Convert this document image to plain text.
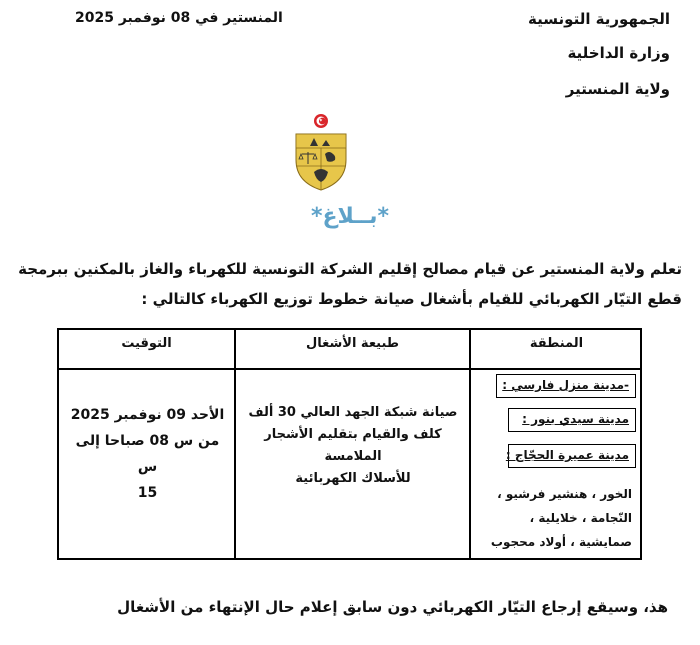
الجمهورية التونسية
وزارة الداخلية
ولاية المنستير
المنستير في 08 نوفمبر 2025
*بــلاغ*
تعلم ولاية المنستير عن قيام مصالح إقليم الشركة التونسية للكهرباء والغاز بالمكنين ببرمجة
قطع التيّار الكهربائي للقيام بأشغال صيانة خطوط توزيع الكهرباء كالتالي :
التوقيت	طبيعة الأشغال	المنطقة
-مدينة منزل فارسي :
مدينة سيدي بنور :
مدينة عميرة الحجّاج :
الخور ، هنشير فرشيو ،
النّجامة ، خلايلية ،
صمايشية ، أولاد محجوب
صيانة شبكة الجهد العالي 30 ألف
كلف والقيام بتقليم الأشجار الملامسة
للأسلاك الكهربائية
الأحد 09 نوفمبر 2025
من س 08 صباحا إلى س
15
هذ، وسيقع إرجاع التيّار الكهربائي دون سابق إعلام حال الإنتهاء من الأشغال
